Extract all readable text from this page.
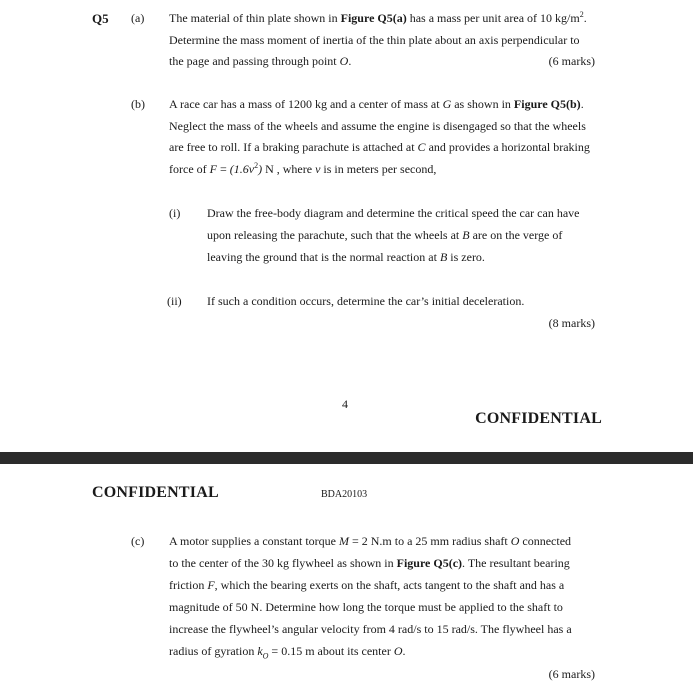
Q5 (a) The material of thin plate shown in Figure Q5(a) has a mass per unit area of 10 $kg/m^2$.
Determine the mass moment of inertia of the thin plate about an axis perpendicular to
the page and passing through point O.	(6 marks)
(b) A race car has a mass of 1200 kg and a center of mass at G as shown in Figure Q5(b).
Neglect the mass of the wheels and assume the engine is disengaged so that the wheels
are free to roll. If a braking parachute is attached at C and provides a horizontal braking
force of $F = (1.6v^2)$ N , where v is in meters per second,
(i) Draw the free-body diagram and determine the critical speed the car can have
upon releasing the parachute, such that the wheels at B are on the verge of
leaving the ground that is the normal reaction at B is zero.
(ii) If such a condition occurs, determine the car’s initial deceleration.
(8 marks)
4
CONFIDENTIAL
CONFIDENTIAL	BDA20103
(c) A motor supplies a constant torque M = 2 N.m to a 25 mm radius shaft O connected
to the center of the 30 kg flywheel as shown in Figure Q5(c). The resultant bearing
friction F, which the bearing exerts on the shaft, acts tangent to the shaft and has a
magnitude of 50 N. Determine how long the torque must be applied to the shaft to
increase the flywheel’s angular velocity from 4 rad/s to 15 rad/s. The flywheel has a
radius of gyration $k_O = 0.15$ m about its center O.
(6 marks)
